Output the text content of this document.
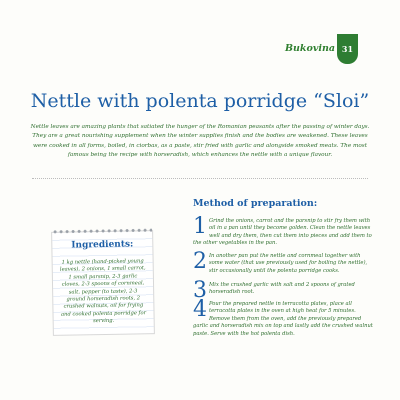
Bukovina 31
Nettle with polenta porridge “Sloi”
Nettle leaves are amazing plants that satiated the hunger of the Romanian peasants after the passing of winter days. They are a great nourishing supplement when the winter supplies finish and the bodies are weakened. These leaves were cooked in all forms, boiled, in ciorbas, as a paste, stir fried with garlic and alongside smoked meats. The most famous being the recipe with horseradish, which enhances the nettle with a unique flavour.
Ingredients:
1 kg nettle (hand-picked young leaves), 2 onions, 1 small carrot, 1 small parsnip, 2-3 garlic cloves, 2-3 spoons of cornmeal, salt, pepper (to taste), 2-3 ground horseradish roots, 2 crushed walnuts, oil for frying and cooked polenta porridge for serving.
Method of preparation:
1 Grind the onions, carrot and the parsnip to stir fry them with oil in a pan until they become golden. Clean the nettle leaves well and dry them, then cut them into pieces and add them to the other vegetables in the pan.
2 In another pan put the nettle and cornmeal together with some water (that use previously used for boiling the nettle), stir occasionally until the polenta porridge cooks.
3 Mix the crushed garlic with salt and 2 spoons of grated horseradish root.
4 Pour the prepared nettle in terracotta plates, place all terracotta plates in the oven at high heat for 5 minutes. Remove them from the oven, add the previously prepared garlic and horseradish mix on top and lastly add the crushed walnut paste. Serve with the hot polenta dish.
